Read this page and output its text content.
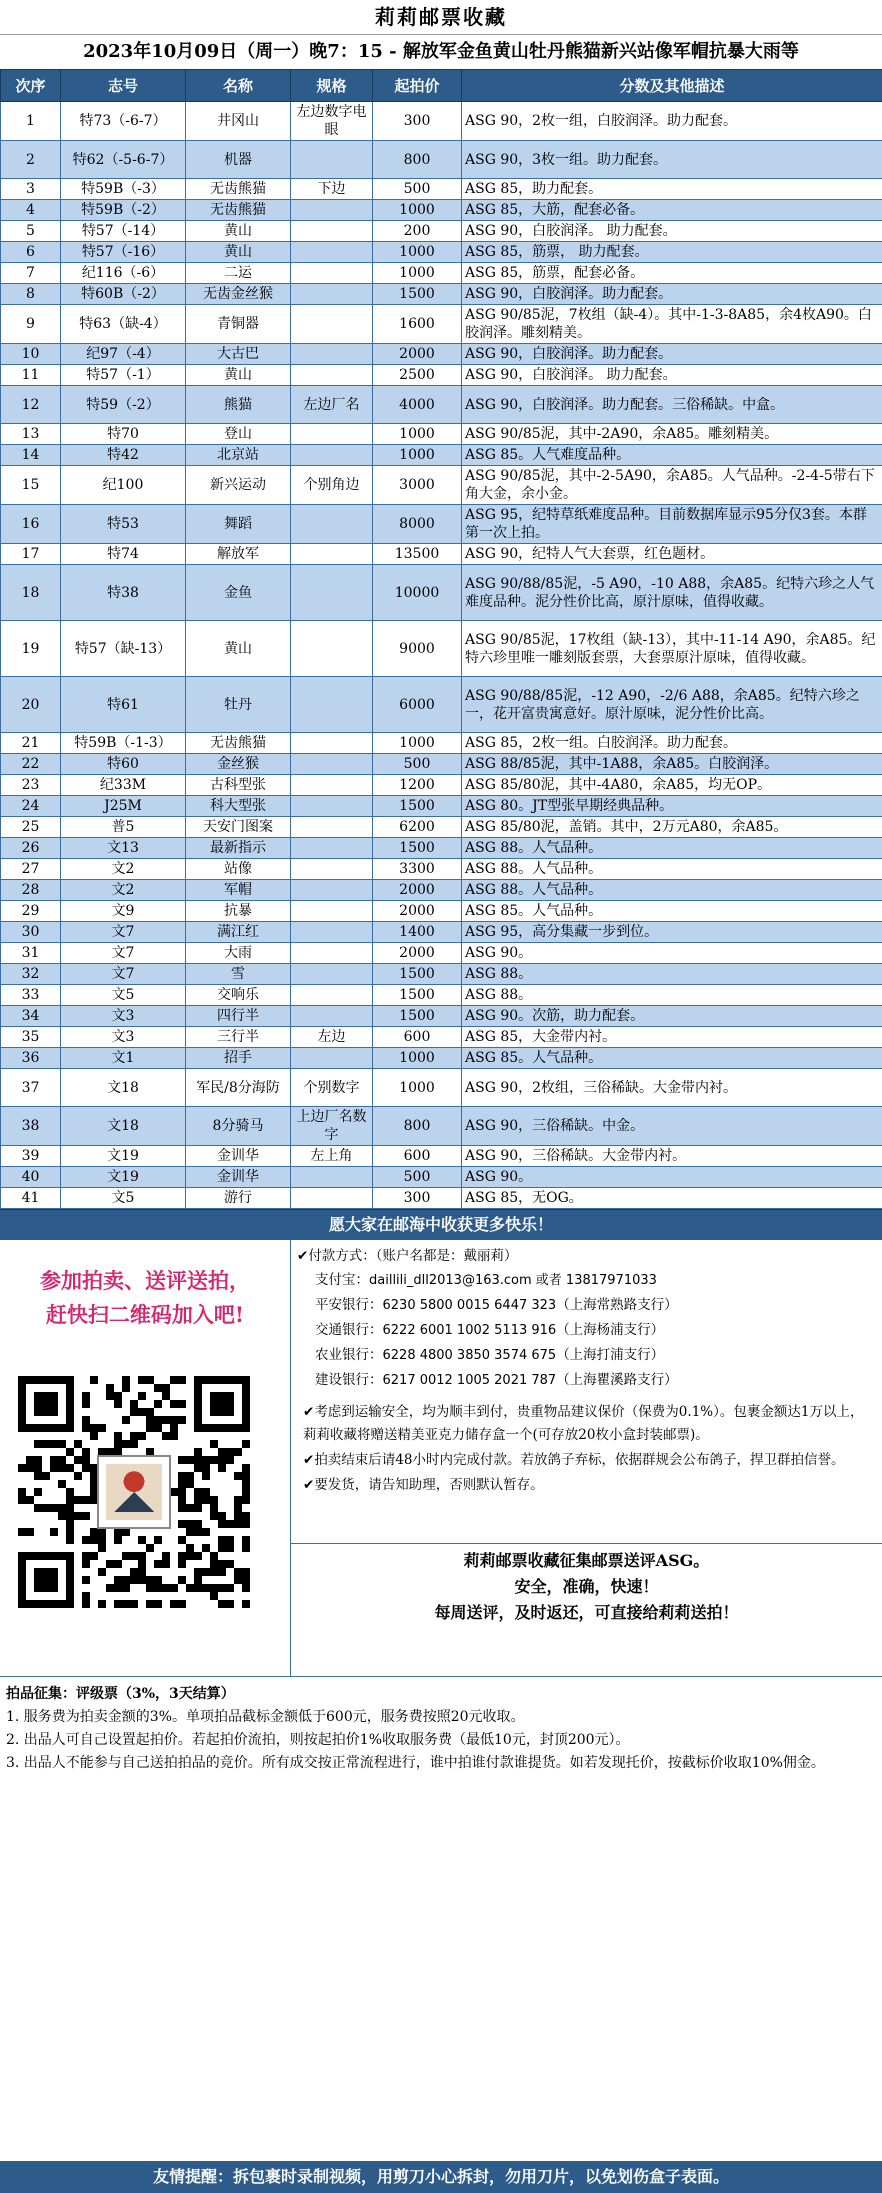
莉莉邮票收藏
2023年10月09日（周一）晚7：15 - 解放军金鱼黄山牡丹熊猫新兴站像军帽抗暴大雨等
次序	志号	名称	规格	起拍价	分数及其他描述
1	特73（-6-7）	井冈山	左边数字电眼	300	ASG 90，2枚一组，白胶润泽。助力配套。
2	特62（-5-6-7）	机器		800	ASG 90，3枚一组。助力配套。
3	特59B（-3）	无齿熊猫	下边	500	ASG 85，助力配套。
4	特59B（-2）	无齿熊猫		1000	ASG 85，大筋，配套必备。
5	特57（-14）	黄山		200	ASG 90，白胶润泽。 助力配套。
6	特57（-16）	黄山		1000	ASG 85，筋票， 助力配套。
7	纪116（-6）	二运		1000	ASG 85，筋票，配套必备。
8	特60B（-2）	无齿金丝猴		1500	ASG 90，白胶润泽。助力配套。
9	特63（缺-4）	青铜器		1600	ASG 90/85泥，7枚组（缺-4）。其中-1-3-8A85，余4枚A90。白胶润泽。雕刻精美。
10	纪97（-4）	大古巴		2000	ASG 90，白胶润泽。助力配套。
11	特57（-1）	黄山		2500	ASG 90，白胶润泽。 助力配套。
12	特59（-2）	熊猫	左边厂名	4000	ASG 90，白胶润泽。助力配套。三俗稀缺。中盒。
13	特70	登山		1000	ASG 90/85泥，其中-2A90，余A85。雕刻精美。
14	特42	北京站		1000	ASG 85。人气难度品种。
15	纪100	新兴运动	个别角边	3000	ASG 90/85泥，其中-2-5A90，余A85。人气品种。-2-4-5带右下角大金，余小金。
16	特53	舞蹈		8000	ASG 95，纪特草纸难度品种。目前数据库显示95分仅3套。本群第一次上拍。
17	特74	解放军		13500	ASG 90，纪特人气大套票，红色题材。
18	特38	金鱼		10000	ASG 90/88/85泥，-5 A90，-10 A88，余A85。纪特六珍之人气难度品种。泥分性价比高，原汁原味，值得收藏。
19	特57（缺-13）	黄山		9000	ASG 90/85泥，17枚组（缺-13），其中-11-14 A90，余A85。纪特六珍里唯一雕刻版套票，大套票原汁原味，值得收藏。
20	特61	牡丹		6000	ASG 90/88/85泥，-12 A90，-2/6 A88，余A85。纪特六珍之一，花开富贵寓意好。原汁原味，泥分性价比高。
21	特59B（-1-3）	无齿熊猫		1000	ASG 85，2枚一组。白胶润泽。助力配套。
22	特60	金丝猴		500	ASG 88/85泥，其中-1A88，余A85。白胶润泽。
23	纪33M	古科型张		1200	ASG 85/80泥，其中-4A80，余A85，均无OP。
24	J25M	科大型张		1500	ASG 80。JT型张早期经典品种。
25	普5	天安门图案		6200	ASG 85/80泥，盖销。其中，2万元A80，余A85。
26	文13	最新指示		1500	ASG 88。人气品种。
27	文2	站像		3300	ASG 88。人气品种。
28	文2	军帽		2000	ASG 88。人气品种。
29	文9	抗暴		2000	ASG 85。人气品种。
30	文7	满江红		1400	ASG 95，高分集藏一步到位。
31	文7	大雨		2000	ASG 90。
32	文7	雪		1500	ASG 88。
33	文5	交响乐		1500	ASG 88。
34	文3	四行半		1500	ASG 90。次筋，助力配套。
35	文3	三行半	左边	600	ASG 85，大金带内衬。
36	文1	招手		1000	ASG 85。人气品种。
37	文18	军民/8分海防	个别数字	1000	ASG 90，2枚组，三俗稀缺。大金带内衬。
38	文18	8分骑马	上边厂名数字	800	ASG 90，三俗稀缺。中金。
39	文19	金训华	左上角	600	ASG 90，三俗稀缺。大金带内衬。
40	文19	金训华		500	ASG 90。
41	文5	游行		300	ASG 85，无OG。
愿大家在邮海中收获更多快乐！
参加拍卖、送评送拍，
赶快扫二维码加入吧!
✔付款方式：（账户名都是：戴丽莉）
支付宝：daillili_dll2013@163.com 或者 13817971033
平安银行：6230 5800 0015 6447 323（上海常熟路支行）
交通银行：6222 6001 1002 5113 916（上海杨浦支行）
农业银行：6228 4800 3850 3574 675（上海打浦支行）
建设银行：6217 0012 1005 2021 787（上海瞿溪路支行）
✔考虑到运输安全，均为顺丰到付，贵重物品建议保价（保费为0.1%）。包裹金额达1万以上，莉莉收藏将赠送精美亚克力储存盒一个(可存放20枚小盒封装邮票)。
✔拍卖结束后请48小时内完成付款。若放鸽子弃标，依据群规会公布鸽子，捍卫群拍信誉。
✔要发货，请告知助理，否则默认暂存。
莉莉邮票收藏征集邮票送评ASG。
安全，准确，快速！
每周送评，及时返还，可直接给莉莉送拍！
拍品征集：评级票（3%，3天结算）
1. 服务费为拍卖金额的3%。单项拍品截标金额低于600元，服务费按照20元收取。
2. 出品人可自己设置起拍价。若起拍价流拍，则按起拍价1%收取服务费（最低10元，封顶200元）。
3. 出品人不能参与自己送拍拍品的竞价。所有成交按正常流程进行，谁中拍谁付款谁提货。如若发现托价，按截标价收取10%佣金。
友情提醒：拆包裹时录制视频，用剪刀小心拆封，勿用刀片，以免划伤盒子表面。
